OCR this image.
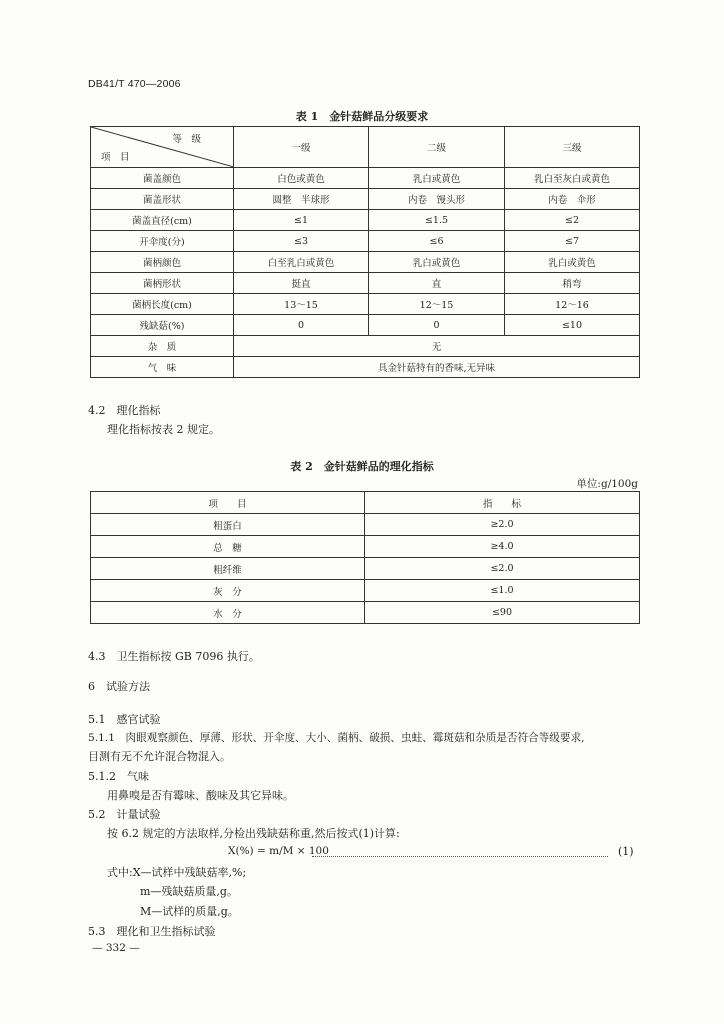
DB41/T 470—2006
表 1　金针菇鲜品分级要求
等　级
项　目	一级	二级	三级
菌盖颜色	白色或黄色	乳白或黄色	乳白至灰白或黄色
菌盖形状	圆整　半球形	内卷　馒头形	内卷　伞形
菌盖直径(cm)	≤1	≤1.5	≤2
开伞度(分)	≤3	≤6	≤7
菌柄颜色	白至乳白或黄色	乳白或黄色	乳白或黄色
菌柄形状	挺直	直	稍弯
菌柄长度(cm)	13～15	12～15	12～16
残缺菇(%)	0	0	≤10
杂　质	无		
气　味	具金针菇特有的香味,无异味		
4.2　理化指标
理化指标按表 2 规定。
表 2　金针菇鲜品的理化指标
单位:g/100g
项　　目	指　　标
粗蛋白	≥2.0
总　糖	≥4.0
粗纤维	≤2.0
灰　分	≤1.0
水　分	≤90
4.3　卫生指标按 GB 7096 执行。
6　试验方法
5.1　感官试验
5.1.1　肉眼观察颜色、厚薄、形状、开伞度、大小、菌柄、破损、虫蛀、霉斑菇和杂质是否符合等级要求,
目测有无不允许混合物混入。
5.1.2　气味
用鼻嗅是否有霉味、酸味及其它异味。
5.2　计量试验
按 6.2 规定的方法取样,分检出残缺菇称重,然后按式(1)计算:
X(%) = m/M × 100	(1)
式中:X—试样中残缺菇率,%;
m—残缺菇质量,g。
M—试样的质量,g。
5.3　理化和卫生指标试验
— 332 —
